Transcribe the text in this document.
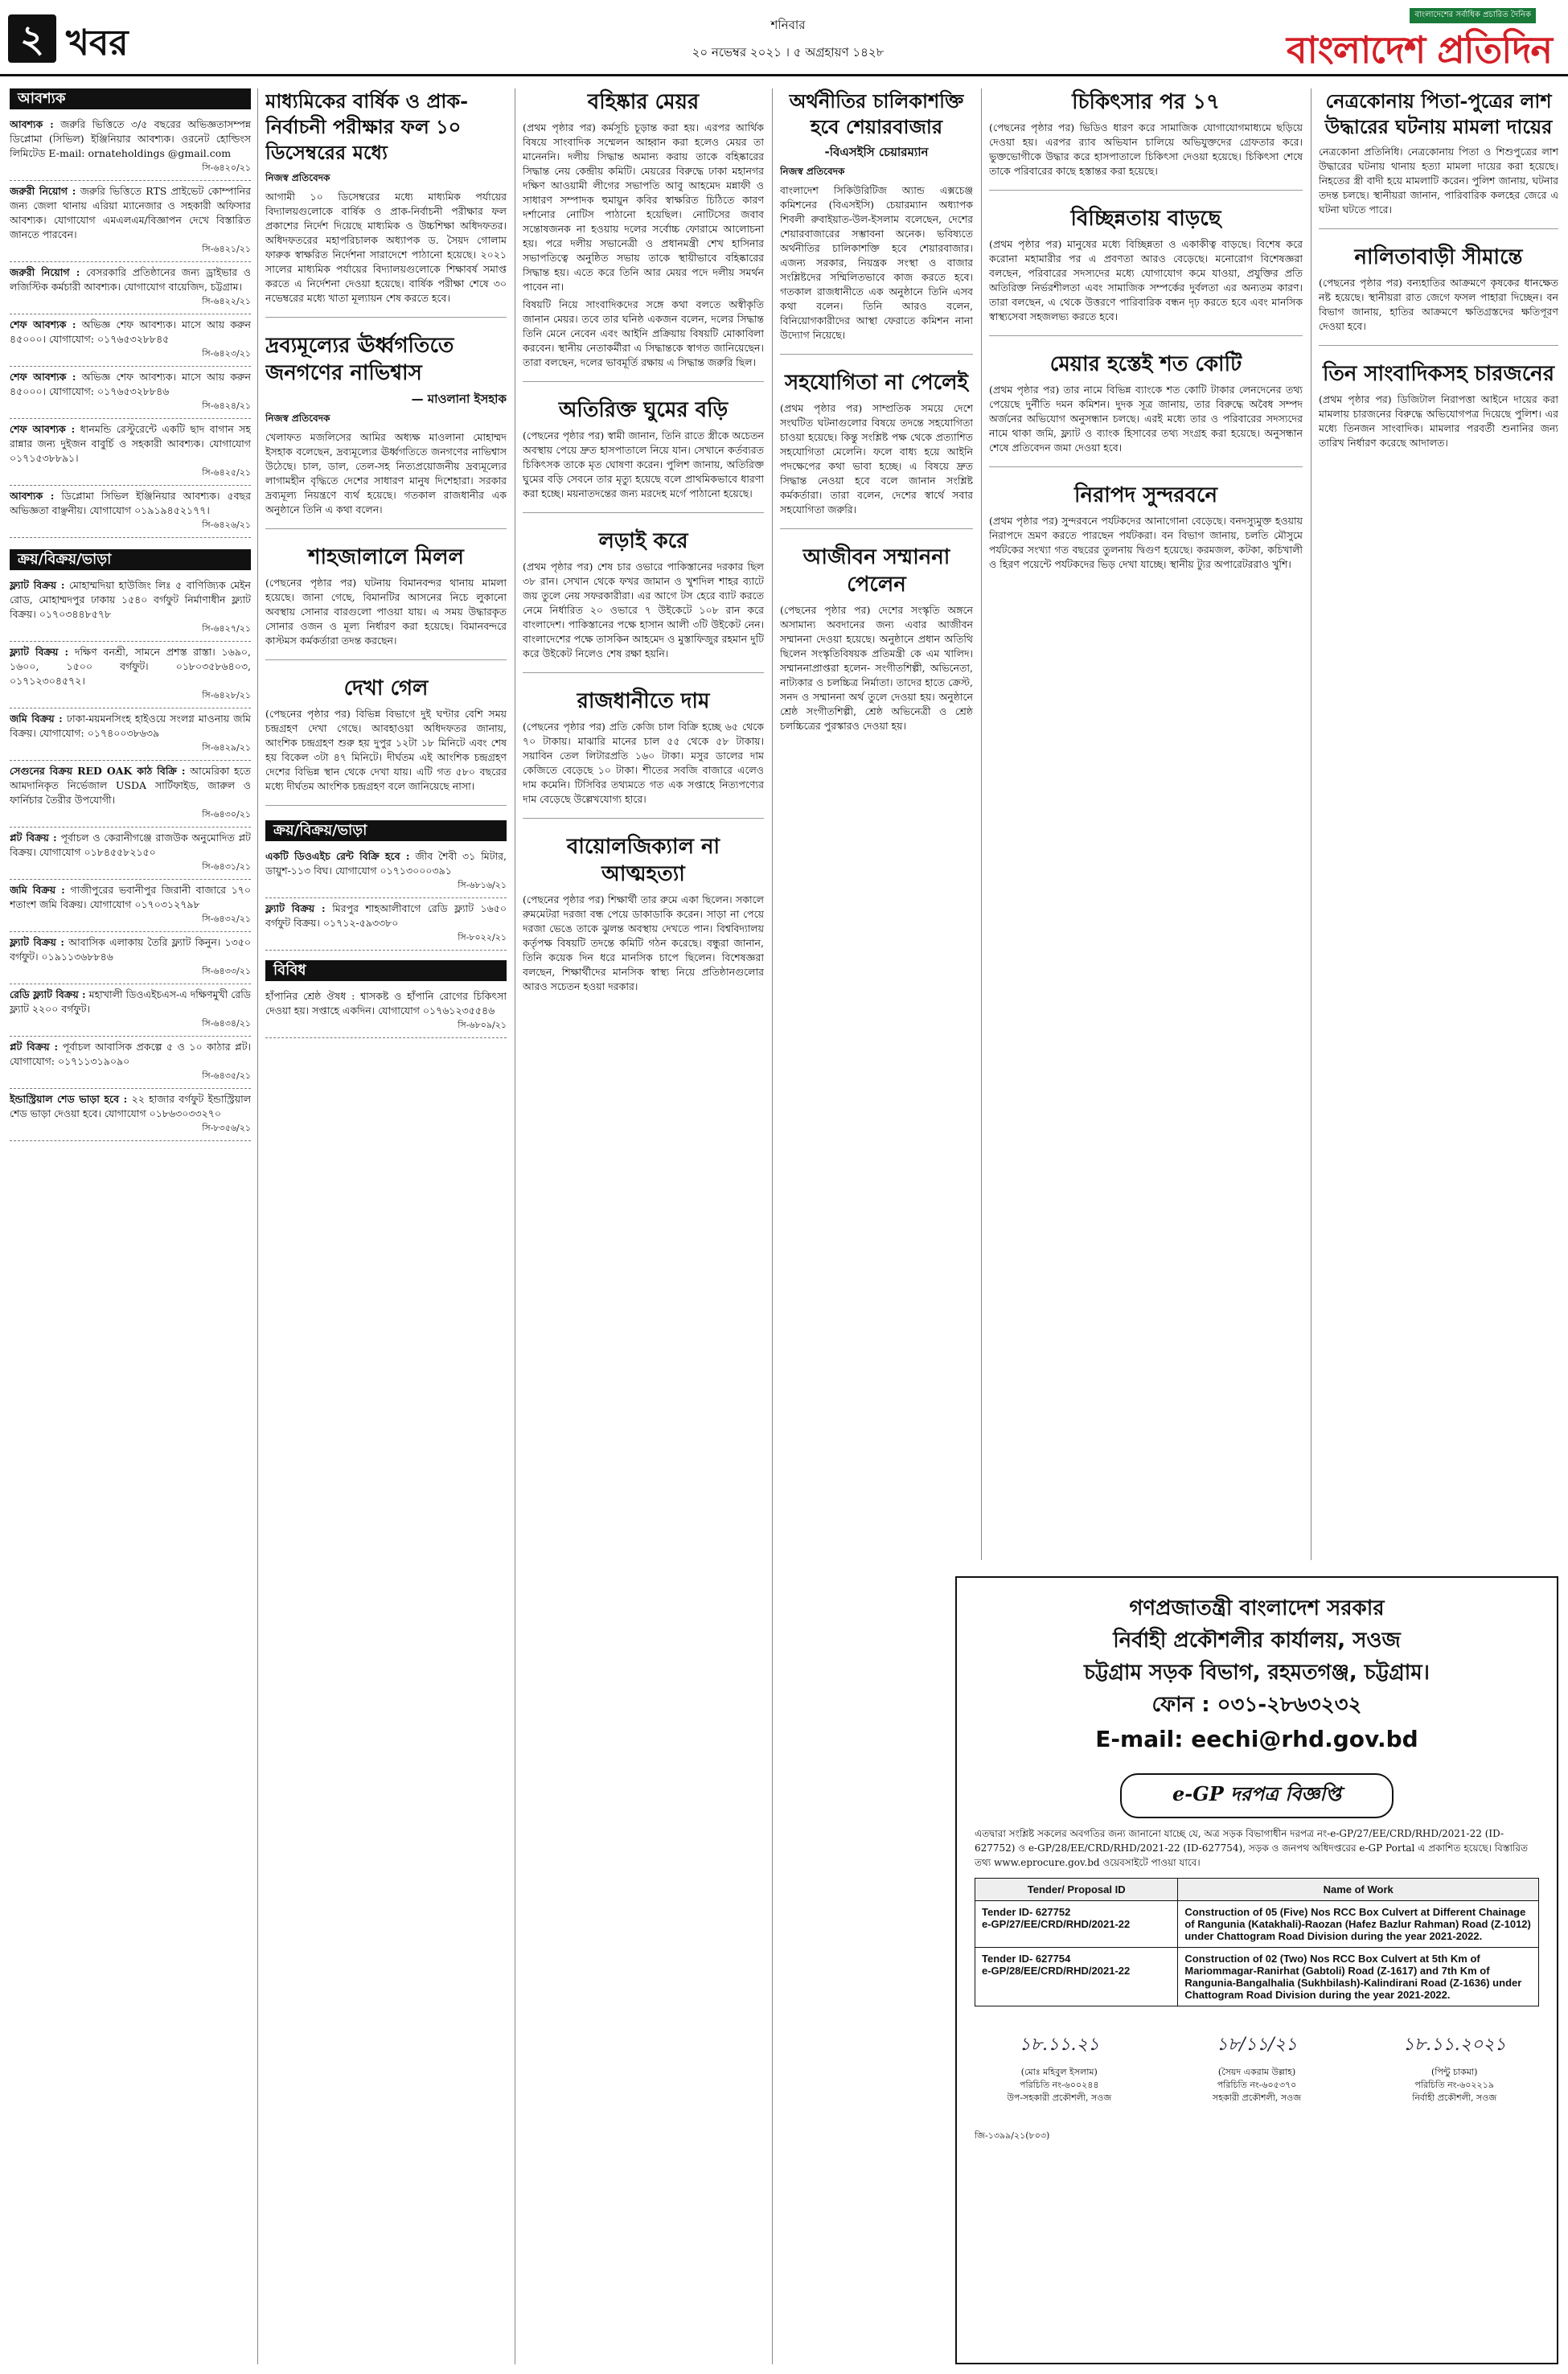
২ খবর	শনিবার
২০ নভেম্বর ২০২১ । ৫ অগ্রহায়ণ ১৪২৮
বাংলাদেশের সর্বাধিক প্রচারিত দৈনিক
বাংলাদেশ প্রতিদিন
আবশ্যক
আবশ্যক : জরুরি ভিত্তিতে ৩/৫ বছরের অভিজ্ঞতাসম্পন্ন ডিপ্লোমা (সিভিল) ইঞ্জিনিয়ার আবশ্যক। ওরনেট হোল্ডিংস লিমিটেড E-mail: ornateholdings @gmail.com
সি-৬৪২০/২১
জরুরী নিয়োগ : জরুরি ভিত্তিতে RTS প্রাইভেট কোম্পানির জন্য জেলা থানায় এরিয়া ম্যানেজার ও সহকারী অফিসার আবশ্যক। যোগাযোগ এমএলএম/বিজ্ঞাপন দেখে বিস্তারিত জানতে পারবেন।
সি-৬৪২১/২১
জরুরী নিয়োগ : বেসরকারি প্রতিষ্ঠানের জন্য ড্রাইভার ও লজিস্টিক কর্মচারী আবশ্যক। যোগাযোগ বায়েজিদ, চট্টগ্রাম।
সি-৬৪২২/২১
শেফ আবশ্যক : অভিজ্ঞ শেফ আবশ্যক। মাসে আয় করুন ৪৫০০০। যোগাযোগ: ০১৭৬৫৩২৮৮৪৫
সি-৬৪২৩/২১
শেফ আবশ্যক : অভিজ্ঞ শেফ আবশ্যক। মাসে আয় করুন ৪৫০০০। যোগাযোগ: ০১৭৬৫৩২৮৮৪৬
সি-৬৪২৪/২১
শেফ আবশ্যক : ধানমন্ডি রেস্টুরেন্টে একটি ছাদ বাগান সহ রান্নার জন্য দুইজন বাবুর্চি ও সহকারী আবশ্যক। যোগাযোগ ০১৭১৫৩৮৮৯১।
সি-৬৪২৫/২১
আবশ্যক : ডিপ্লোমা সিভিল ইঞ্জিনিয়ার আবশ্যক। ৫বছর অভিজ্ঞতা বাঞ্ছনীয়। যোগাযোগ ০১৯১৯৪৫২১৭৭।
সি-৬৪২৬/২১
ক্রয়/বিক্রয়/ভাড়া
ফ্ল্যাট বিক্রয় : মোহাম্মদিয়া হাউজিং লিঃ ৫ বাণিজ্যিক মেইন রোড, মোহাম্মদপুর ঢাকায় ১৫৪০ বর্গফুট নির্মাণাধীন ফ্ল্যাট বিক্রয়। ০১৭০৩৪৪৮৫৭৮
সি-৬৪২৭/২১
ফ্ল্যাট বিক্রয় : দক্ষিণ বনশ্রী, সামনে প্রশস্ত রাস্তা। ১৬৯০, ১৬০০, ১৫০০ বর্গফুট। ০১৮০৩৫৮৬৪০৩, ০১৭১২৩০৪৫৭২।
সি-৬৪২৮/২১
জমি বিক্রয় : ঢাকা-ময়মনসিংহ হাইওয়ে সংলগ্ন মাওনায় জমি বিক্রয়। যোগাযোগ: ০১৭৪০০৩৮৬৩৯
সি-৬৪২৯/২১
সেগুনের বিক্রয় RED OAK কাঠ বিক্রি : আমেরিকা হতে আমদানিকৃত নির্ভেজাল USDA সার্টিফাইড, জারুল ও ফার্নিচার তৈরীর উপযোগী।
সি-৬৪৩০/২১
প্লট বিক্রয় : পূর্বাচল ও কেরানীগঞ্জে রাজউক অনুমোদিত প্লট বিক্রয়। যোগাযোগ ০১৮৪৫৫৮২১৫০
সি-৬৪৩১/২১
জমি বিক্রয় : গাজীপুরের ভবানীপুর জিরানী বাজারে ১৭০ শতাংশ জমি বিক্রয়। যোগাযোগ ০১৭০৩১২৭৯৮
সি-৬৪৩২/২১
ফ্ল্যাট বিক্রয় : আবাসিক এলাকায় তৈরি ফ্ল্যাট কিনুন। ১৩৫০ বর্গফুট। ০১৯১১৩৬৮৮৪৬
সি-৬৪৩৩/২১
রেডি ফ্ল্যাট বিক্রয় : মহাখালী ডিওএইচএস-এ দক্ষিণমুখী রেডি ফ্ল্যাট ২২০০ বর্গফুট।
সি-৬৪৩৪/২১
প্লট বিক্রয় : পূর্বাচল আবাসিক প্রকল্পে ৫ ও ১০ কাঠার প্লট। যোগাযোগ: ০১৭১১৩১৯০৯০
সি-৬৪৩৫/২১
ইন্ডাস্ট্রিয়াল শেড ভাড়া হবে : ২২ হাজার বর্গফুট ইন্ডাস্ট্রিয়াল শেড ভাড়া দেওয়া হবে। যোগাযোগ ০১৮৬৩০৩৩২৭০
সি-৮৩৫৬/২১
মাধ্যমিকের বার্ষিক ও প্রাক-নির্বাচনী পরীক্ষার ফল ১০ ডিসেম্বরের মধ্যে
নিজস্ব প্রতিবেদক

আগামী ১০ ডিসেম্বরের মধ্যে মাধ্যমিক পর্যায়ের বিদ্যালয়গুলোকে বার্ষিক ও প্রাক-নির্বাচনী পরীক্ষার ফল প্রকাশের নির্দেশ দিয়েছে মাধ্যমিক ও উচ্চশিক্ষা অধিদফতর। অধিদফতরের মহাপরিচালক অধ্যাপক ড. সৈয়দ গোলাম ফারুক স্বাক্ষরিত নির্দেশনা সারাদেশে পাঠানো হয়েছে। ২০২১ সালের মাধ্যমিক পর্যায়ের বিদ্যালয়গুলোকে শিক্ষাবর্ষ সমাপ্ত করতে এ নির্দেশনা দেওয়া হয়েছে। বার্ষিক পরীক্ষা শেষে ৩০ নভেম্বরের মধ্যে খাতা মূল্যায়ন শেষ করতে হবে।

দ্রব্যমূল্যের ঊর্ধ্বগতিতে জনগণের নাভিশ্বাস
— মাওলানা ইসহাক
নিজস্ব প্রতিবেদক

খেলাফত মজলিসের আমির অধ্যক্ষ মাওলানা মোহাম্মদ ইসহাক বলেছেন, দ্রব্যমূল্যের ঊর্ধ্বগতিতে জনগণের নাভিশ্বাস উঠেছে। চাল, ডাল, তেল-সহ নিত্যপ্রয়োজনীয় দ্রব্যমূল্যের লাগামহীন বৃদ্ধিতে দেশের সাধারণ মানুষ দিশেহারা। সরকার দ্রব্যমূল্য নিয়ন্ত্রণে ব্যর্থ হয়েছে। গতকাল রাজধানীর এক অনুষ্ঠানে তিনি এ কথা বলেন।

শাহজালালে মিলল

(পেছনের পৃষ্ঠার পর) ঘটনায় বিমানবন্দর থানায় মামলা হয়েছে। জানা গেছে, বিমানটির আসনের নিচে লুকানো অবস্থায় সোনার বারগুলো পাওয়া যায়। এ সময় উদ্ধারকৃত সোনার ওজন ও মূল্য নির্ধারণ করা হয়েছে। বিমানবন্দরে কাস্টমস কর্মকর্তারা তদন্ত করছেন।

দেখা গেল

(পেছনের পৃষ্ঠার পর) বিভিন্ন বিভাগে দুই ঘণ্টার বেশি সময় চন্দ্রগ্রহণ দেখা গেছে। আবহাওয়া অধিদফতর জানায়, আংশিক চন্দ্রগ্রহণ শুরু হয় দুপুর ১২টা ১৮ মিনিটে এবং শেষ হয় বিকেল ৩টা ৪৭ মিনিটে। দীর্ঘতম এই আংশিক চন্দ্রগ্রহণ দেশের বিভিন্ন স্থান থেকে দেখা যায়। এটি গত ৫৮০ বছরের মধ্যে দীর্ঘতম আংশিক চন্দ্রগ্রহণ বলে জানিয়েছে নাসা।

ক্রয়/বিক্রয়/ভাড়া
একটি ডিওএইচ রেন্ট বিক্রি হবে : জীব শৈবী ৩১ মিটার, ডায়ুশ-১১৩ বিঘ। যোগাযোগ ০১৭১৩০০০৩৯১
সি-৬৮১৬/২১
ফ্ল্যাট বিক্রয় : মিরপুর শাহআলীবাগে রেডি ফ্ল্যাট ১৬৫০ বর্গফুট বিক্রয়। ০১৭১২-৫৯৩৩৮০
সি-৮০২২/২১
বিবিধ
হাঁপানির শ্রেষ্ঠ ঔষধ : শ্বাসকষ্ট ও হাঁপানি রোগের চিকিৎসা দেওয়া হয়। সপ্তাহে একদিন। যোগাযোগ ০১৭৬১২৩৫৫৪৬
সি-৬৮০৯/২১
বহিষ্কার মেয়র

(প্রথম পৃষ্ঠার পর) কর্মসূচি চূড়ান্ত করা হয়। এরপর আর্থিক বিষয়ে সাংবাদিক সম্মেলন আহ্বান করা হলেও মেয়র তা মানেননি। দলীয় সিদ্ধান্ত অমান্য করায় তাকে বহিষ্কারের সিদ্ধান্ত নেয় কেন্দ্রীয় কমিটি। মেয়রের বিরুদ্ধে ঢাকা মহানগর দক্ষিণ আওয়ামী লীগের সভাপতি আবু আহমেদ মন্নাফী ও সাধারণ সম্পাদক হুমায়ুন কবির স্বাক্ষরিত চিঠিতে কারণ দর্শানোর নোটিস পাঠানো হয়েছিল। নোটিসের জবাব সন্তোষজনক না হওয়ায় দলের সর্বোচ্চ ফোরামে আলোচনা হয়। পরে দলীয় সভানেত্রী ও প্রধানমন্ত্রী শেখ হাসিনার সভাপতিত্বে অনুষ্ঠিত সভায় তাকে স্থায়ীভাবে বহিষ্কারের সিদ্ধান্ত হয়। এতে করে তিনি আর মেয়র পদে দলীয় সমর্থন পাবেন না।

বিষয়টি নিয়ে সাংবাদিকদের সঙ্গে কথা বলতে অস্বীকৃতি জানান মেয়র। তবে তার ঘনিষ্ঠ একজন বলেন, দলের সিদ্ধান্ত তিনি মেনে নেবেন এবং আইনি প্রক্রিয়ায় বিষয়টি মোকাবিলা করবেন। স্থানীয় নেতাকর্মীরা এ সিদ্ধান্তকে স্বাগত জানিয়েছেন। তারা বলছেন, দলের ভাবমূর্তি রক্ষায় এ সিদ্ধান্ত জরুরি ছিল।

অতিরিক্ত ঘুমের বড়ি

(পেছনের পৃষ্ঠার পর) স্বামী জানান, তিনি রাতে স্ত্রীকে অচেতন অবস্থায় পেয়ে দ্রুত হাসপাতালে নিয়ে যান। সেখানে কর্তব্যরত চিকিৎসক তাকে মৃত ঘোষণা করেন। পুলিশ জানায়, অতিরিক্ত ঘুমের বড়ি সেবনে তার মৃত্যু হয়েছে বলে প্রাথমিকভাবে ধারণা করা হচ্ছে। ময়নাতদন্তের জন্য মরদেহ মর্গে পাঠানো হয়েছে।

লড়াই করে

(প্রথম পৃষ্ঠার পর) শেষ চার ওভারে পাকিস্তানের দরকার ছিল ৩৮ রান। সেখান থেকে ফখর জামান ও খুশদিল শাহর ব্যাটে জয় তুলে নেয় সফরকারীরা। এর আগে টস হেরে ব্যাট করতে নেমে নির্ধারিত ২০ ওভারে ৭ উইকেটে ১০৮ রান করে বাংলাদেশ। পাকিস্তানের পক্ষে হাসান আলী ৩টি উইকেট নেন। বাংলাদেশের পক্ষে তাসকিন আহমেদ ও মুস্তাফিজুর রহমান দুটি করে উইকেট নিলেও শেষ রক্ষা হয়নি।

রাজধানীতে দাম

(পেছনের পৃষ্ঠার পর) প্রতি কেজি চাল বিক্রি হচ্ছে ৬৫ থেকে ৭০ টাকায়। মাঝারি মানের চাল ৫৫ থেকে ৫৮ টাকায়। সয়াবিন তেল লিটারপ্রতি ১৬০ টাকা। মসুর ডালের দাম কেজিতে বেড়েছে ১০ টাকা। শীতের সবজি বাজারে এলেও দাম কমেনি। টিসিবির তথ্যমতে গত এক সপ্তাহে নিত্যপণ্যের দাম বেড়েছে উল্লেখযোগ্য হারে।

বায়োলজিক্যাল না আত্মহত্যা

(পেছনের পৃষ্ঠার পর) শিক্ষার্থী তার রুমে একা ছিলেন। সকালে রুমমেটরা দরজা বন্ধ পেয়ে ডাকাডাকি করেন। সাড়া না পেয়ে দরজা ভেঙে তাকে ঝুলন্ত অবস্থায় দেখতে পান। বিশ্ববিদ্যালয় কর্তৃপক্ষ বিষয়টি তদন্তে কমিটি গঠন করেছে। বন্ধুরা জানান, তিনি কয়েক দিন ধরে মানসিক চাপে ছিলেন। বিশেষজ্ঞরা বলছেন, শিক্ষার্থীদের মানসিক স্বাস্থ্য নিয়ে প্রতিষ্ঠানগুলোর আরও সচেতন হওয়া দরকার।

অর্থনীতির চালিকাশক্তি হবে শেয়ারবাজার
-বিএসইসি চেয়ারম্যান
নিজস্ব প্রতিবেদক

বাংলাদেশ সিকিউরিটিজ অ্যান্ড এক্সচেঞ্জ কমিশনের (বিএসইসি) চেয়ারম্যান অধ্যাপক শিবলী রুবাইয়াত-উল-ইসলাম বলেছেন, দেশের শেয়ারবাজারের সম্ভাবনা অনেক। ভবিষ্যতে অর্থনীতির চালিকাশক্তি হবে শেয়ারবাজার। এজন্য সরকার, নিয়ন্ত্রক সংস্থা ও বাজার সংশ্লিষ্টদের সম্মিলিতভাবে কাজ করতে হবে। গতকাল রাজধানীতে এক অনুষ্ঠানে তিনি এসব কথা বলেন। তিনি আরও বলেন, বিনিয়োগকারীদের আস্থা ফেরাতে কমিশন নানা উদ্যোগ নিয়েছে।

সহযোগিতা না পেলেই

(প্রথম পৃষ্ঠার পর) সাম্প্রতিক সময়ে দেশে সংঘটিত ঘটনাগুলোর বিষয়ে তদন্তে সহযোগিতা চাওয়া হয়েছে। কিন্তু সংশ্লিষ্ট পক্ষ থেকে প্রত্যাশিত সহযোগিতা মেলেনি। ফলে বাধ্য হয়ে আইনি পদক্ষেপের কথা ভাবা হচ্ছে। এ বিষয়ে দ্রুত সিদ্ধান্ত নেওয়া হবে বলে জানান সংশ্লিষ্ট কর্মকর্তারা। তারা বলেন, দেশের স্বার্থে সবার সহযোগিতা জরুরি।

আজীবন সম্মাননা পেলেন

(পেছনের পৃষ্ঠার পর) দেশের সংস্কৃতি অঙ্গনে অসামান্য অবদানের জন্য এবার আজীবন সম্মাননা দেওয়া হয়েছে। অনুষ্ঠানে প্রধান অতিথি ছিলেন সংস্কৃতিবিষয়ক প্রতিমন্ত্রী কে এম খালিদ। সম্মাননাপ্রাপ্তরা হলেন- সংগীতশিল্পী, অভিনেতা, নাট্যকার ও চলচ্চিত্র নির্মাতা। তাদের হাতে ক্রেস্ট, সনদ ও সম্মাননা অর্থ তুলে দেওয়া হয়। অনুষ্ঠানে শ্রেষ্ঠ সংগীতশিল্পী, শ্রেষ্ঠ অভিনেত্রী ও শ্রেষ্ঠ চলচ্চিত্রের পুরস্কারও দেওয়া হয়।

চিকিৎসার পর ১৭

(পেছনের পৃষ্ঠার পর) ভিডিও ধারণ করে সামাজিক যোগাযোগমাধ্যমে ছড়িয়ে দেওয়া হয়। এরপর র‍্যাব অভিযান চালিয়ে অভিযুক্তদের গ্রেফতার করে। ভুক্তভোগীকে উদ্ধার করে হাসপাতালে চিকিৎসা দেওয়া হয়েছে। চিকিৎসা শেষে তাকে পরিবারের কাছে হস্তান্তর করা হয়েছে।

বিচ্ছিন্নতায় বাড়ছে

(প্রথম পৃষ্ঠার পর) মানুষের মধ্যে বিচ্ছিন্নতা ও একাকীত্ব বাড়ছে। বিশেষ করে করোনা মহামারীর পর এ প্রবণতা আরও বেড়েছে। মনোরোগ বিশেষজ্ঞরা বলছেন, পরিবারের সদস্যদের মধ্যে যোগাযোগ কমে যাওয়া, প্রযুক্তির প্রতি অতিরিক্ত নির্ভরশীলতা এবং সামাজিক সম্পর্কের দুর্বলতা এর অন্যতম কারণ। তারা বলছেন, এ থেকে উত্তরণে পারিবারিক বন্ধন দৃঢ় করতে হবে এবং মানসিক স্বাস্থ্যসেবা সহজলভ্য করতে হবে।

মেয়ার হস্তেই শত কোটি

(প্রথম পৃষ্ঠার পর) তার নামে বিভিন্ন ব্যাংকে শত কোটি টাকার লেনদেনের তথ্য পেয়েছে দুর্নীতি দমন কমিশন। দুদক সূত্র জানায়, তার বিরুদ্ধে অবৈধ সম্পদ অর্জনের অভিযোগ অনুসন্ধান চলছে। এরই মধ্যে তার ও পরিবারের সদস্যদের নামে থাকা জমি, ফ্ল্যাট ও ব্যাংক হিসাবের তথ্য সংগ্রহ করা হয়েছে। অনুসন্ধান শেষে প্রতিবেদন জমা দেওয়া হবে।

নিরাপদ সুন্দরবনে

(প্রথম পৃষ্ঠার পর) সুন্দরবনে পর্যটকদের আনাগোনা বেড়েছে। বনদস্যুমুক্ত হওয়ায় নিরাপদে ভ্রমণ করতে পারছেন পর্যটকরা। বন বিভাগ জানায়, চলতি মৌসুমে পর্যটকের সংখ্যা গত বছরের তুলনায় দ্বিগুণ হয়েছে। করমজল, কটকা, কচিখালী ও হিরণ পয়েন্টে পর্যটকদের ভিড় দেখা যাচ্ছে। স্থানীয় ট্যুর অপারেটররাও খুশি।

নেত্রকোনায় পিতা-পুত্রের লাশ উদ্ধারের ঘটনায় মামলা দায়ের

নেত্রকোনা প্রতিনিধি। নেত্রকোনায় পিতা ও শিশুপুত্রের লাশ উদ্ধারের ঘটনায় থানায় হত্যা মামলা দায়ের করা হয়েছে। নিহতের স্ত্রী বাদী হয়ে মামলাটি করেন। পুলিশ জানায়, ঘটনার তদন্ত চলছে। স্থানীয়রা জানান, পারিবারিক কলহের জেরে এ ঘটনা ঘটতে পারে।

নালিতাবাড়ী সীমান্তে

(পেছনের পৃষ্ঠার পর) বন্যহাতির আক্রমণে কৃষকের ধানক্ষেত নষ্ট হয়েছে। স্থানীয়রা রাত জেগে ফসল পাহারা দিচ্ছেন। বন বিভাগ জানায়, হাতির আক্রমণে ক্ষতিগ্রস্তদের ক্ষতিপূরণ দেওয়া হবে।

তিন সাংবাদিকসহ চারজনের

(প্রথম পৃষ্ঠার পর) ডিজিটাল নিরাপত্তা আইনে দায়ের করা মামলায় চারজনের বিরুদ্ধে অভিযোগপত্র দিয়েছে পুলিশ। এর মধ্যে তিনজন সাংবাদিক। মামলার পরবর্তী শুনানির জন্য তারিখ নির্ধারণ করেছে আদালত।

গণপ্রজাতন্ত্রী বাংলাদেশ সরকার
নির্বাহী প্রকৌশলীর কার্যালয়, সওজ
চট্টগ্রাম সড়ক বিভাগ, রহমতগঞ্জ, চট্টগ্রাম।
ফোন : ০৩১-২৮৬৩২৩২
E-mail: eechi@rhd.gov.bd
e-GP দরপত্র বিজ্ঞপ্তি

এতদ্বারা সংশ্লিষ্ট সকলের অবগতির জন্য জানানো যাচ্ছে যে, অত্র সড়ক বিভাগাধীন দরপত্র নং-e-GP/27/EE/CRD/RHD/2021-22 (ID-627752) ও e-GP/28/EE/CRD/RHD/2021-22 (ID-627754), সড়ক ও জনপথ অধিদপ্তরের e-GP Portal এ প্রকাশিত হয়েছে। বিস্তারিত তথ্য www.eprocure.gov.bd ওয়েবসাইটে পাওয়া যাবে।

Tender/ Proposal ID	Name of Work
Tender ID- 627752
e-GP/27/EE/CRD/RHD/2021-22	Construction of 05 (Five) Nos RCC Box Culvert at Different Chainage of Rangunia (Katakhali)-Raozan (Hafez Bazlur Rahman) Road (Z-1012) under Chattogram Road Division during the year 2021-2022.
Tender ID- 627754
e-GP/28/EE/CRD/RHD/2021-22	Construction of 02 (Two) Nos RCC Box Culvert at 5th Km of Mariommagar-Ranirhat (Gabtoli) Road (Z-1617) and 7th Km of Rangunia-Bangalhalia (Sukhbilash)-Kalindirani Road (Z-1636) under Chattogram Road Division during the year 2021-2022.
১৮.১১.২১
(মোঃ মহিবুল ইসলাম)
পরিচিতি নং-৬০০২৪৪
উপ-সহকারী প্রকৌশলী, সওজ
১৮/১১/২১
(সৈয়দ একরাম উল্লাহ)
পরিচিতি নং-৬০৫৩৭০
সহকারী প্রকৌশলী, সওজ
১৮.১১.২০২১
(পিন্টু চাকমা)
পরিচিতি নং-৬০২২১৯
নির্বাহী প্রকৌশলী, সওজ
জি-১৩৯৯/২১(৮০৩)
